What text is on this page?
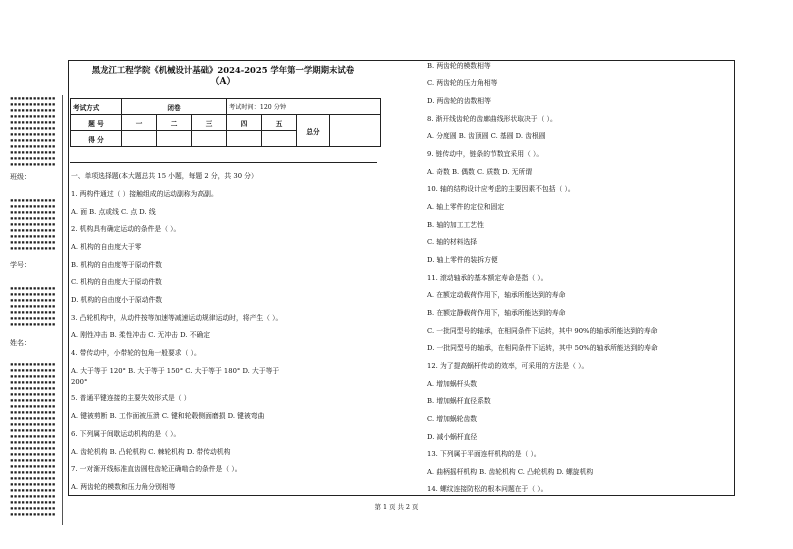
▪▪▪▪▪▪▪▪▪▪▪▪
▪▪▪▪▪▪▪▪▪▪▪▪
▪▪▪▪▪▪▪▪▪▪▪▪
▪▪▪▪▪▪▪▪▪▪▪▪
▪▪▪▪▪▪▪▪▪▪▪▪
▪▪▪▪▪▪▪▪▪▪▪▪
▪▪▪▪▪▪▪▪▪▪▪▪
▪▪▪▪▪▪▪▪▪▪▪▪
▪▪▪▪▪▪▪▪▪▪▪▪
▪▪▪▪▪▪▪▪▪▪▪▪
▪▪▪▪▪▪▪▪▪▪▪▪
▪▪▪▪▪▪▪▪▪▪▪▪
班级：
▪▪▪▪▪▪▪▪▪▪▪▪
▪▪▪▪▪▪▪▪▪▪▪▪
▪▪▪▪▪▪▪▪▪▪▪▪
▪▪▪▪▪▪▪▪▪▪▪▪
▪▪▪▪▪▪▪▪▪▪▪▪
▪▪▪▪▪▪▪▪▪▪▪▪
▪▪▪▪▪▪▪▪▪▪▪▪
▪▪▪▪▪▪▪▪▪▪▪▪
▪▪▪▪▪▪▪▪▪▪▪▪
学号：
▪▪▪▪▪▪▪▪▪▪▪▪
▪▪▪▪▪▪▪▪▪▪▪▪
▪▪▪▪▪▪▪▪▪▪▪▪
▪▪▪▪▪▪▪▪▪▪▪▪
▪▪▪▪▪▪▪▪▪▪▪▪
▪▪▪▪▪▪▪▪▪▪▪▪
▪▪▪▪▪▪▪▪▪▪▪▪
姓名：
▪▪▪▪▪▪▪▪▪▪▪▪
▪▪▪▪▪▪▪▪▪▪▪▪
▪▪▪▪▪▪▪▪▪▪▪▪
▪▪▪▪▪▪▪▪▪▪▪▪
▪▪▪▪▪▪▪▪▪▪▪▪
▪▪▪▪▪▪▪▪▪▪▪▪
▪▪▪▪▪▪▪▪▪▪▪▪
▪▪▪▪▪▪▪▪▪▪▪▪
▪▪▪▪▪▪▪▪▪▪▪▪
▪▪▪▪▪▪▪▪▪▪▪▪
▪▪▪▪▪▪▪▪▪▪▪▪
▪▪▪▪▪▪▪▪▪▪▪▪
▪▪▪▪▪▪▪▪▪▪▪▪
▪▪▪▪▪▪▪▪▪▪▪▪
▪▪▪▪▪▪▪▪▪▪▪▪
▪▪▪▪▪▪▪▪▪▪▪▪
▪▪▪▪▪▪▪▪▪▪▪▪
▪▪▪▪▪▪▪▪▪▪▪▪
▪▪▪▪▪▪▪▪▪▪▪▪
▪▪▪▪▪▪▪▪▪▪▪▪
▪▪▪▪▪▪▪▪▪▪▪▪
▪▪▪▪▪▪▪▪▪▪▪▪
▪▪▪▪▪▪▪▪▪▪▪▪
▪▪▪▪▪▪▪▪▪▪▪▪
▪▪▪▪▪▪▪▪▪▪▪▪
▪▪▪▪▪▪▪▪▪▪▪▪
黑龙江工程学院《机械设计基础》2024-2025 学年第一学期期末试卷
（A）
考试方式	闭卷			考试时间：120 分钟			
题 号	一	二	三	四	五	总分	
得 分							
一、单项选择题(本大题总共 15 小题，每题 2 分，共 30 分）
1. 两构件通过（ ）接触组成的运动副称为高副。
A. 面 B. 点或线 C. 点 D. 线
2. 机构具有确定运动的条件是（ ）。
A. 机构的自由度大于零
B. 机构的自由度等于原动件数
C. 机构的自由度大于原动件数
D. 机构的自由度小于原动件数
3. 凸轮机构中，从动件按等加速等减速运动规律运动时，将产生（ ）。
A. 刚性冲击 B. 柔性冲击 C. 无冲击 D. 不确定
4. 带传动中，小带轮的包角一般要求（ ）。
A. 大于等于 120° B. 大于等于 150° C. 大于等于 180° D. 大于等于
200°
5. 普通平键连接的主要失效形式是（ ）
A. 键被剪断 B. 工作面被压溃 C. 键和轮毂侧面磨损 D. 键被弯曲
6. 下列属于间歇运动机构的是（ ）。
A. 齿轮机构 B. 凸轮机构 C. 棘轮机构 D. 带传动机构
7. 一对渐开线标准直齿圆柱齿轮正确啮合的条件是（ ）。
A. 两齿轮的模数和压力角分别相等
B. 两齿轮的模数相等
C. 两齿轮的压力角相等
D. 两齿轮的齿数相等
8. 渐开线齿轮的齿廓曲线形状取决于（ ）。
A. 分度圆 B. 齿顶圆 C. 基圆 D. 齿根圆
9. 链传动中，链条的节数宜采用（ ）。
A. 奇数 B. 偶数 C. 质数 D. 无所谓
10. 轴的结构设计应考虑的主要因素不包括（ ）。
A. 轴上零件的定位和固定
B. 轴的加工工艺性
C. 轴的材料选择
D. 轴上零件的装拆方便
11. 滚动轴承的基本额定寿命是指（ ）。
A. 在额定动载荷作用下，轴承所能达到的寿命
B. 在额定静载荷作用下，轴承所能达到的寿命
C. 一批同型号的轴承，在相同条件下运转，其中 90%的轴承所能达到的寿命
D. 一批同型号的轴承，在相同条件下运转，其中 50%的轴承所能达到的寿命
12. 为了提高蜗杆传动的效率，可采用的方法是（ ）。
A. 增加蜗杆头数
B. 增加蜗杆直径系数
C. 增加蜗轮齿数
D. 减小蜗杆直径
13. 下列属于平面连杆机构的是（ ）。
A. 曲柄摇杆机构 B. 齿轮机构 C. 凸轮机构 D. 螺旋机构
14. 螺纹连接防松的根本问题在于（ ）。
第 1 页 共 2 页
